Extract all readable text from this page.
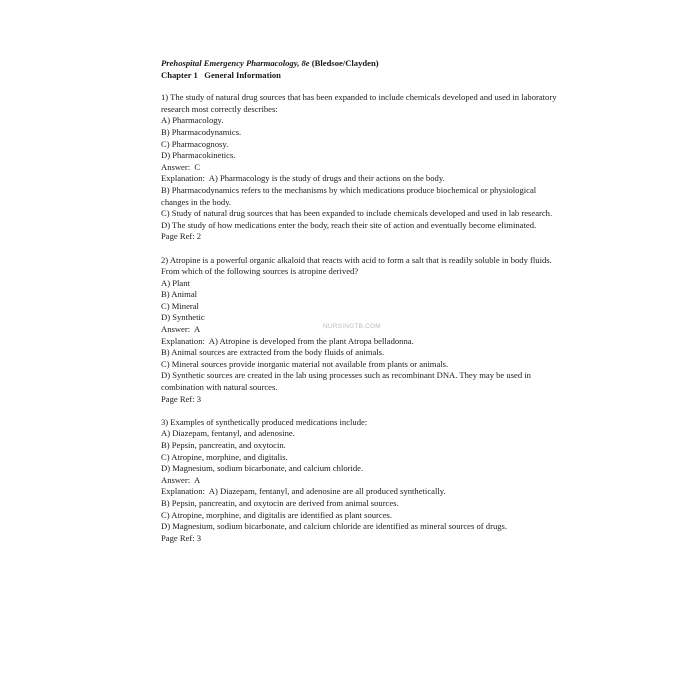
Prehospital Emergency Pharmacology, 8e (Bledsoe/Clayden)
Chapter 1   General Information
1) The study of natural drug sources that has been expanded to include chemicals developed and used in laboratory research most correctly describes:
A) Pharmacology.
B) Pharmacodynamics.
C) Pharmacognosy.
D) Pharmacokinetics.
Answer:  C
Explanation:  A) Pharmacology is the study of drugs and their actions on the body.
B) Pharmacodynamics refers to the mechanisms by which medications produce biochemical or physiological changes in the body.
C) Study of natural drug sources that has been expanded to include chemicals developed and used in lab research.
D) The study of how medications enter the body, reach their site of action and eventually become eliminated.
Page Ref: 2
2) Atropine is a powerful organic alkaloid that reacts with acid to form a salt that is readily soluble in body fluids. From which of the following sources is atropine derived?
A) Plant
B) Animal
C) Mineral
D) Synthetic
Answer:  A
Explanation:  A) Atropine is developed from the plant Atropa belladonna.
B) Animal sources are extracted from the body fluids of animals.
C) Mineral sources provide inorganic material not available from plants or animals.
D) Synthetic sources are created in the lab using processes such as recombinant DNA. They may be used in combination with natural sources.
Page Ref: 3
3) Examples of synthetically produced medications include:
A) Diazepam, fentanyl, and adenosine.
B) Pepsin, pancreatin, and oxytocin.
C) Atropine, morphine, and digitalis.
D) Magnesium, sodium bicarbonate, and calcium chloride.
Answer:  A
Explanation:  A) Diazepam, fentanyl, and adenosine are all produced synthetically.
B) Pepsin, pancreatin, and oxytocin are derived from animal sources.
C) Atropine, morphine, and digitalis are identified as plant sources.
D) Magnesium, sodium bicarbonate, and calcium chloride are identified as mineral sources of drugs.
Page Ref: 3
NURSINGTB.COM
